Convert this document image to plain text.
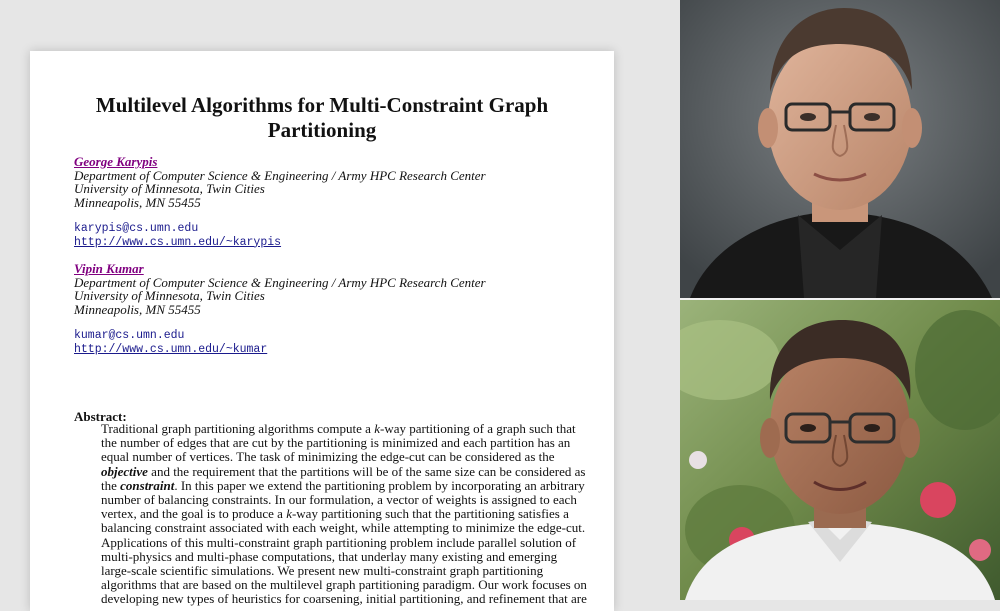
Multilevel Algorithms for Multi-Constraint Graph
Partitioning
George Karypis
Department of Computer Science & Engineering / Army HPC Research Center
University of Minnesota, Twin Cities
Minneapolis, MN 55455
karypis@cs.umn.edu
http://www.cs.umn.edu/~karypis
Vipin Kumar
Department of Computer Science & Engineering / Army HPC Research Center
University of Minnesota, Twin Cities
Minneapolis, MN 55455
kumar@cs.umn.edu
http://www.cs.umn.edu/~kumar
Abstract:
Traditional graph partitioning algorithms compute a k-way partitioning of a graph such that
the number of edges that are cut by the partitioning is minimized and each partition has an
equal number of vertices. The task of minimizing the edge-cut can be considered as the
objective and the requirement that the partitions will be of the same size can be considered as
the constraint. In this paper we extend the partitioning problem by incorporating an arbitrary
number of balancing constraints. In our formulation, a vector of weights is assigned to each
vertex, and the goal is to produce a k-way partitioning such that the partitioning satisfies a
balancing constraint associated with each weight, while attempting to minimize the edge-cut.
Applications of this multi-constraint graph partitioning problem include parallel solution of
multi-physics and multi-phase computations, that underlay many existing and emerging
large-scale scientific simulations. We present new multi-constraint graph partitioning
algorithms that are based on the multilevel graph partitioning paradigm. Our work focuses on
developing new types of heuristics for coarsening, initial partitioning, and refinement that are
